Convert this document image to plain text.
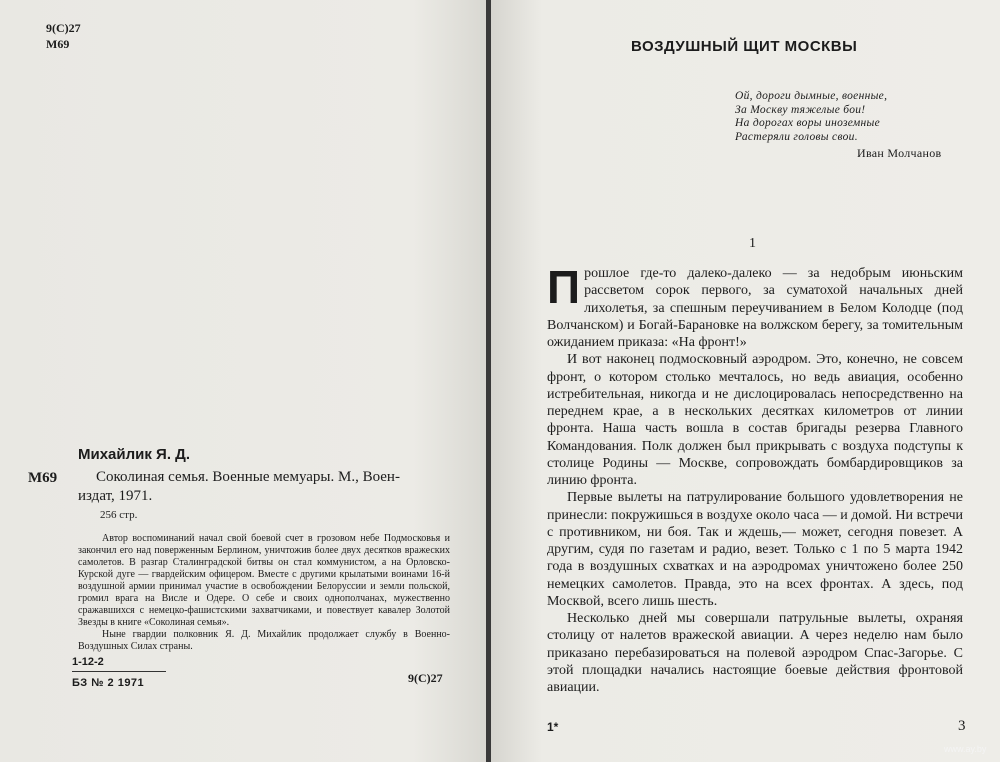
9(С)27
М69
М69
Михайлик Я. Д.
Соколиная семья. Военные мемуары. М., Воен-
издат, 1971.
256 стр.

Автор воспоминаний начал свой боевой счет в грозовом небе Подмосковья и закончил его над поверженным Берлином, уничтожив более двух десятков вражеских самолетов. В разгар Сталинградской битвы он стал коммунистом, а на Орловско-Курской дуге — гвардейским офицером. Вместе с другими крылатыми воинами 16-й воздушной армии принимал участие в освобождении Белоруссии и земли польской, громил врага на Висле и Одере. О себе и своих однополчанах, мужественно сражавшихся с немецко-фашистскими захватчиками, и повествует кавалер Золотой Звезды в книге «Соколиная семья».

Ныне гвардии полковник Я. Д. Михайлик продолжает службу в Военно-Воздушных Силах страны.

1-12-2
БЗ № 2 1971	9(С)27
ВОЗДУШНЫЙ ЩИТ МОСКВЫ
Ой, дороги дымные, военные,
За Москву тяжелые бои!
На дорогах воры иноземные
Растеряли головы свои.
Иван Молчанов
1

Прошлое где-то далеко-далеко — за недобрым июньским рассветом сорок первого, за суматохой начальных дней лихолетья, за спешным переучиванием в Белом Колодце (под Волчанском) и Богай-Барановке на волжском берегу, за томительным ожиданием приказа: «На фронт!»

И вот наконец подмосковный аэродром. Это, конечно, не совсем фронт, о котором столько мечталось, но ведь авиация, особенно истребительная, никогда и не дислоцировалась непосредственно на переднем крае, а в нескольких десятках километров от линии фронта. Наша часть вошла в состав бригады резерва Главного Командования. Полк должен был прикрывать с воздуха подступы к столице Родины — Москве, сопровождать бомбардировщиков за линию фронта.

Первые вылеты на патрулирование большого удовлетворения не принесли: покружишься в воздухе около часа — и домой. Ни встречи с противником, ни боя. Так и ждешь,— может, сегодня повезет. А другим, судя по газетам и радио, везет. Только с 1 по 5 марта 1942 года в воздушных схватках и на аэродромах уничтожено более 250 немецких самолетов. Правда, это на всех фронтах. А здесь, под Москвой, всего лишь шесть.

Несколько дней мы совершали патрульные вылеты, охраняя столицу от налетов вражеской авиации. А через неделю нам было приказано перебазироваться на полевой аэродром Спас-Загорье. С этой площадки начались настоящие боевые действия фронтовой авиации.

1*	3
www.ay.by
